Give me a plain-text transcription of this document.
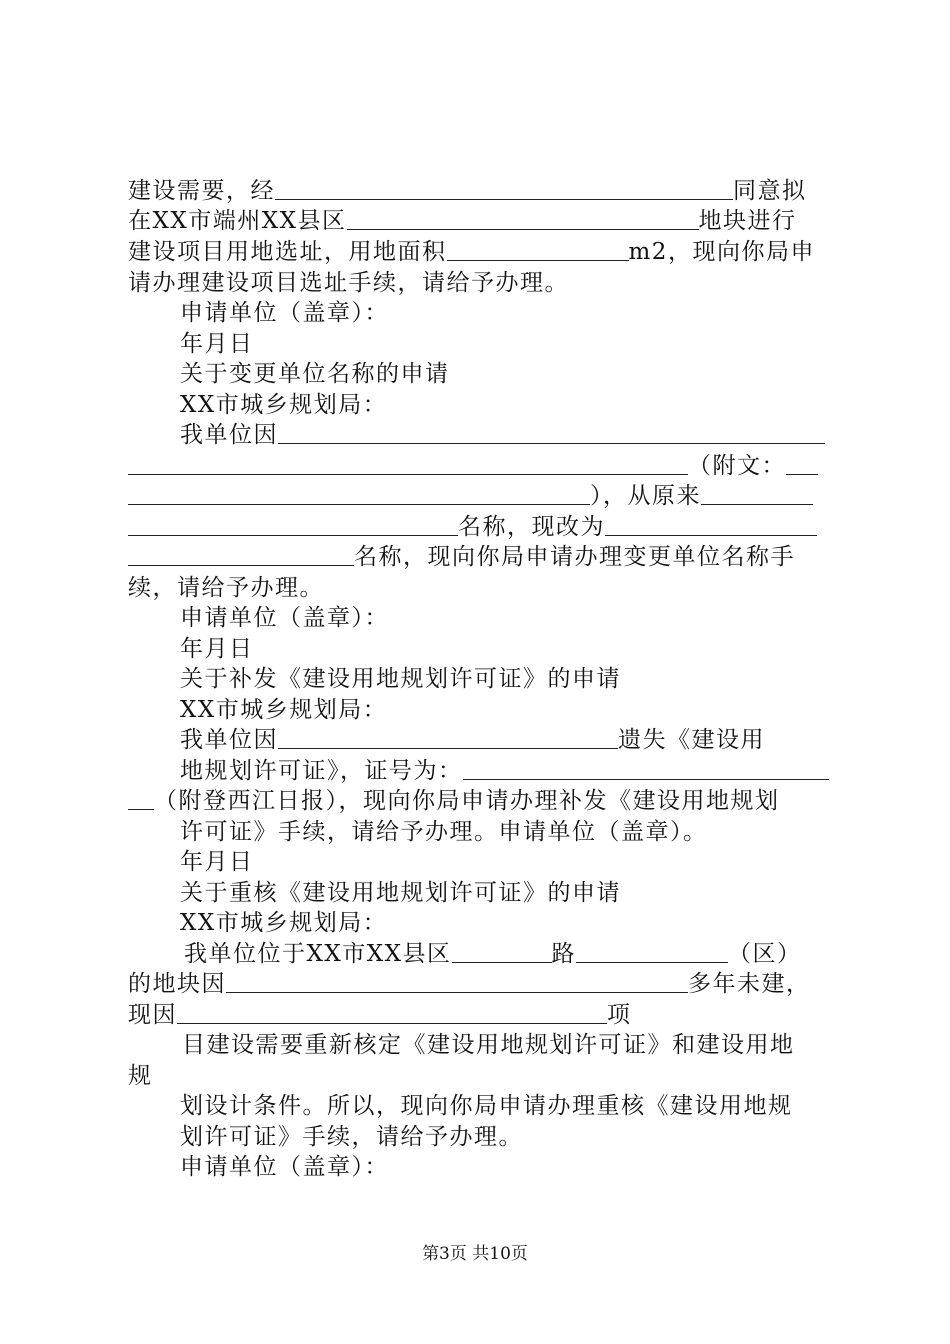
建设需要，经	同意拟
在XX市端州XX县区	地块进行
建设项目用地选址，用地面积	m2，现向你局申
请办理建设项目选址手续，请给予办理。
申请单位（盖章）：
年月日
关于变更单位名称的申请
XX市城乡规划局：
我单位因
（附文：
），从原来
名称，现改为
名称，现向你局申请办理变更单位名称手
续，请给予办理。
申请单位（盖章）：
年月日
关于补发《建设用地规划许可证》的申请
XX市城乡规划局：
我单位因	遗失《建设用
地规划许可证》，证号为：
（附登西江日报），现向你局申请办理补发《建设用地规划
许可证》手续，请给予办理。申请单位（盖章）。
年月日
关于重核《建设用地规划许可证》的申请
XX市城乡规划局：
我单位位于XX市XX县区	路	（区）
的地块因	多年未建，
现因	项
目建设需要重新核定《建设用地规划许可证》和建设用地
规
划设计条件。所以，现向你局申请办理重核《建设用地规
划许可证》手续，请给予办理。
申请单位（盖章）：
第3页 共10页
